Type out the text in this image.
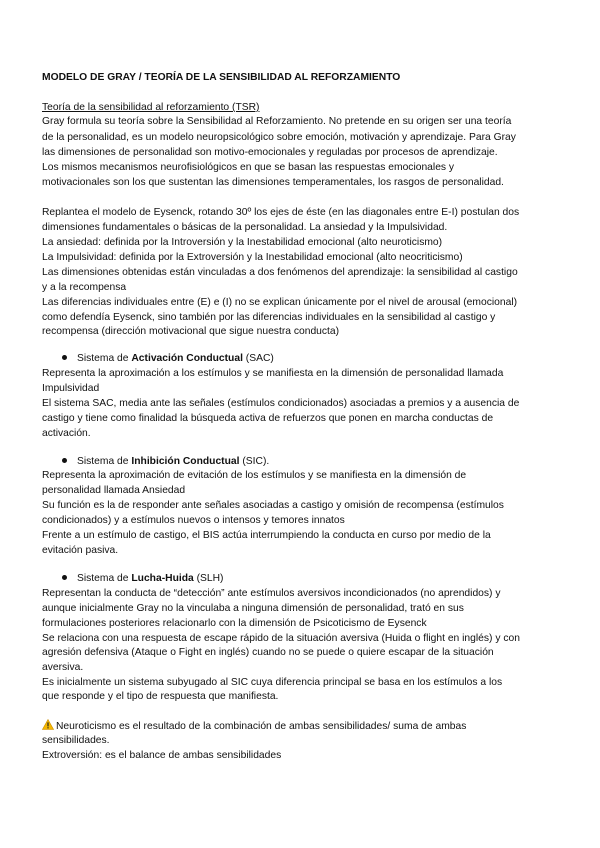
MODELO DE GRAY / TEORÍA DE LA SENSIBILIDAD AL REFORZAMIENTO
Teoría de la sensibilidad al reforzamiento (TSR)
Gray formula su teoría sobre la Sensibilidad al Reforzamiento. No pretende en su origen ser una teoría
de la personalidad, es un modelo neuropsicológico sobre emoción, motivación y aprendizaje. Para Gray
las dimensiones de personalidad son motivo-emocionales y reguladas por procesos de aprendizaje.
Los mismos mecanismos neurofisiológicos en que se basan las respuestas emocionales y
motivacionales son los que sustentan las dimensiones temperamentales, los rasgos de personalidad.
Replantea el modelo de Eysenck, rotando 30º los ejes de éste (en las diagonales entre E-I) postulan dos
dimensiones fundamentales o básicas de la personalidad. La ansiedad y la Impulsividad.
La ansiedad: definida por la Introversión y la Inestabilidad emocional (alto neuroticismo)
La Impulsividad: definida por la Extroversión y la Inestabilidad emocional (alto neocriticismo)
Las dimensiones obtenidas están vinculadas a dos fenómenos del aprendizaje: la sensibilidad al castigo
y a la recompensa
Las diferencias individuales entre (E) e (I) no se explican únicamente por el nivel de arousal (emocional)
como defendía Eysenck, sino también por las diferencias individuales en la sensibilidad al castigo y
recompensa (dirección motivacional que sigue nuestra conducta)
Sistema de Activación Conductual (SAC)
Representa la aproximación a los estímulos y se manifiesta en la dimensión de personalidad llamada
Impulsividad
El sistema SAC, media ante las señales (estímulos condicionados) asociadas a premios y a ausencia de
castigo y tiene como finalidad la búsqueda activa de refuerzos que ponen en marcha conductas de
activación.
Sistema de Inhibición Conductual (SIC).
Representa la aproximación de evitación de los estímulos y se manifiesta en la dimensión de
personalidad llamada Ansiedad
Su función es la de responder ante señales asociadas a castigo y omisión de recompensa (estímulos
condicionados) y a estímulos nuevos o intensos y temores innatos
Frente a un estímulo de castigo, el BIS actúa interrumpiendo la conducta en curso por medio de la
evitación pasiva.
Sistema de Lucha-Huida (SLH)
Representan la conducta de “detección” ante estímulos aversivos incondicionados (no aprendidos) y
aunque inicialmente Gray no la vinculaba a ninguna dimensión de personalidad, trató en sus
formulaciones posteriores relacionarlo con la dimensión de Psicoticismo de Eysenck
Se relaciona con una respuesta de escape rápido de la situación aversiva (Huida o flight en inglés) y con
agresión defensiva (Ataque o Fight en inglés) cuando no se puede o quiere escapar de la situación
aversiva.
Es inicialmente un sistema subyugado al SIC cuya diferencia principal se basa en los estímulos a los
que responde y el tipo de respuesta que manifiesta.
Neuroticismo es el resultado de la combinación de ambas sensibilidades/ suma de ambas
sensibilidades.
Extroversión: es el balance de ambas sensibilidades
